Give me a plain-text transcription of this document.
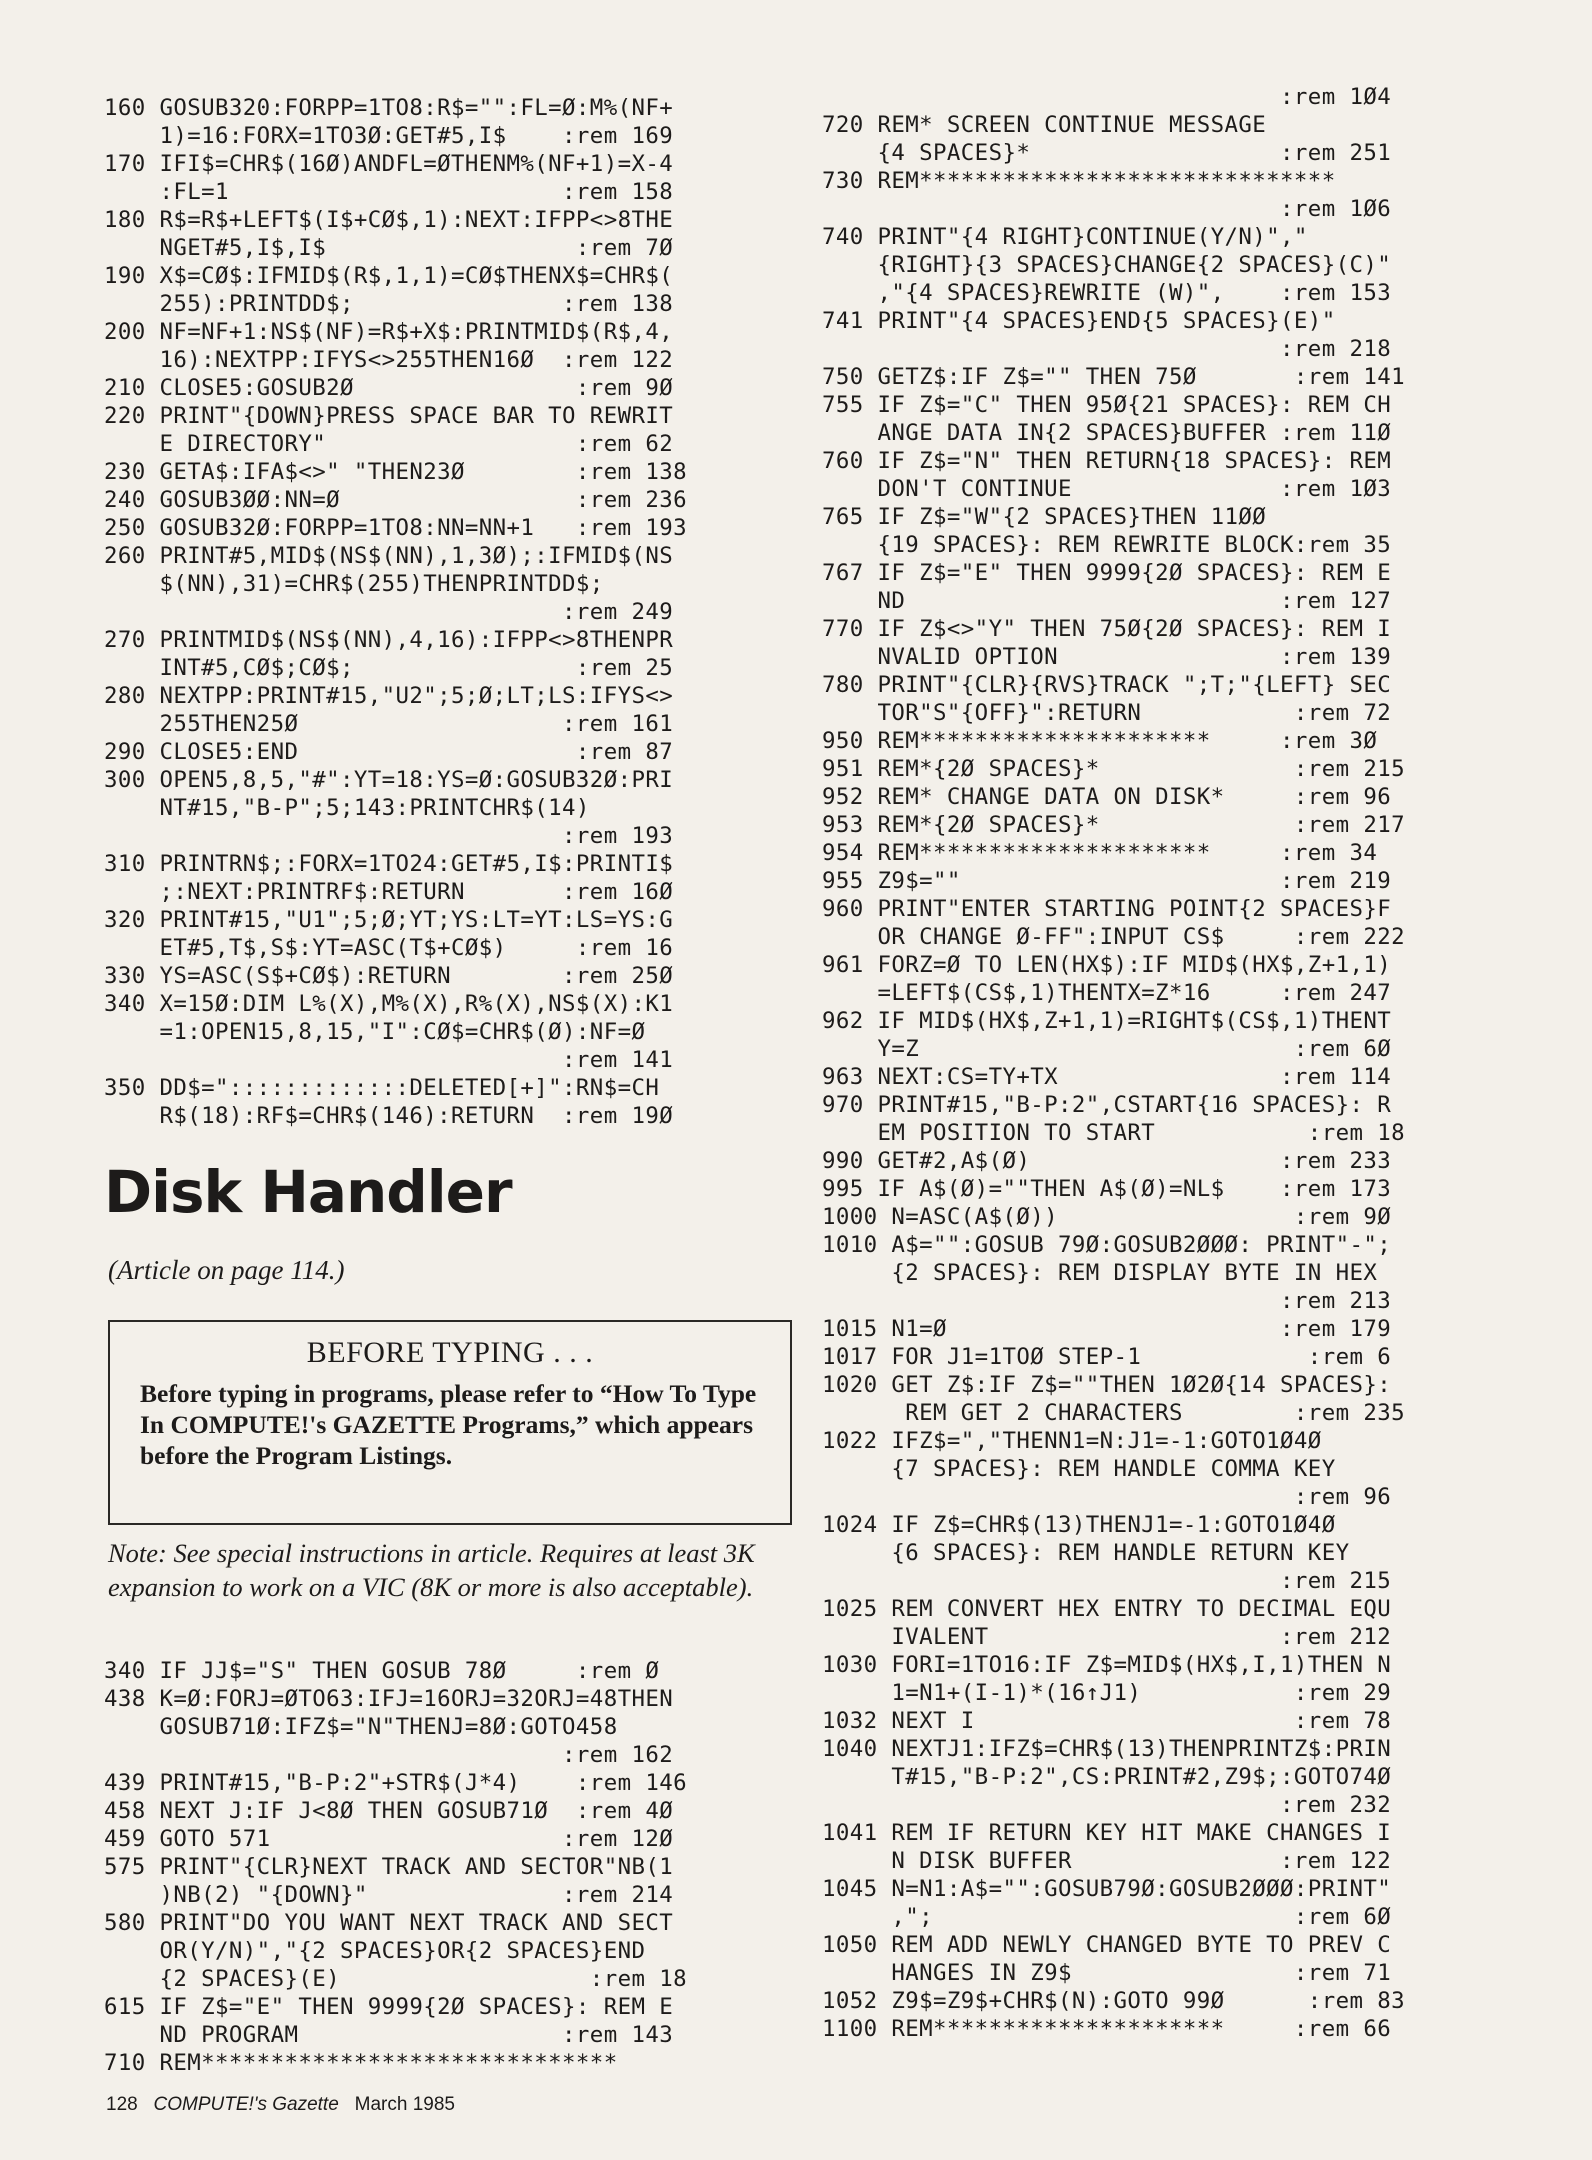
160 GOSUB320:FORPP=1TO8:R$="":FL=Ø:M%(NF+
1)=16:FORX=1TO3Ø:GET#5,I$    :rem 169
170 IFI$=CHR$(16Ø)ANDFL=ØTHENM%(NF+1)=X-4
:FL=1                        :rem 158
180 R$=R$+LEFT$(I$+CØ$,1):NEXT:IFPP<>8THE
NGET#5,I$,I$                  :rem 7Ø
190 X$=CØ$:IFMID$(R$,1,1)=CØ$THENX$=CHR$(
255):PRINTDD$;               :rem 138
200 NF=NF+1:NS$(NF)=R$+X$:PRINTMID$(R$,4,
16):NEXTPP:IFYS<>255THEN16Ø  :rem 122
210 CLOSE5:GOSUB2Ø                :rem 9Ø
220 PRINT"{DOWN}PRESS SPACE BAR TO REWRIT
E DIRECTORY"                  :rem 62
230 GETA$:IFA$<>" "THEN23Ø        :rem 138
240 GOSUB3ØØ:NN=Ø                 :rem 236
250 GOSUB32Ø:FORPP=1TO8:NN=NN+1   :rem 193
260 PRINT#5,MID$(NS$(NN),1,3Ø);:IFMID$(NS
$(NN),31)=CHR$(255)THENPRINTDD$;
:rem 249
270 PRINTMID$(NS$(NN),4,16):IFPP<>8THENPR
INT#5,CØ$;CØ$;                :rem 25
280 NEXTPP:PRINT#15,"U2";5;Ø;LT;LS:IFYS<>
255THEN25Ø                   :rem 161
290 CLOSE5:END                    :rem 87
300 OPEN5,8,5,"#":YT=18:YS=Ø:GOSUB32Ø:PRI
NT#15,"B-P";5;143:PRINTCHR$(14)
:rem 193
310 PRINTRN$;:FORX=1TO24:GET#5,I$:PRINTI$
;:NEXT:PRINTRF$:RETURN       :rem 16Ø
320 PRINT#15,"U1";5;Ø;YT;YS:LT=YT:LS=YS:G
ET#5,T$,S$:YT=ASC(T$+CØ$)     :rem 16
330 YS=ASC(S$+CØ$):RETURN        :rem 25Ø
340 X=15Ø:DIM L%(X),M%(X),R%(X),NS$(X):K1
=1:OPEN15,8,15,"I":CØ$=CHR$(Ø):NF=Ø
:rem 141
350 DD$=":::::::::::::DELETED[+]":RN$=CH
R$(18):RF$=CHR$(146):RETURN  :rem 19Ø
Disk Handler
(Article on page 114.)
BEFORE TYPING . . .
Before typing in programs, please refer to “How To Type In COMPUTE!'s GAZETTE Programs,” which appears before the Program Listings.
Note: See special instructions in article. Requires at least 3K expansion to work on a VIC (8K or more is also acceptable).
340 IF JJ$="S" THEN GOSUB 78Ø     :rem Ø
438 K=Ø:FORJ=ØTO63:IFJ=16ORJ=32ORJ=48THEN
GOSUB71Ø:IFZ$="N"THENJ=8Ø:GOTO458
:rem 162
439 PRINT#15,"B-P:2"+STR$(J*4)    :rem 146
458 NEXT J:IF J<8Ø THEN GOSUB71Ø  :rem 4Ø
459 GOTO 571                     :rem 12Ø
575 PRINT"{CLR}NEXT TRACK AND SECTOR"NB(1
)NB(2) "{DOWN}"              :rem 214
580 PRINT"DO YOU WANT NEXT TRACK AND SECT
OR(Y/N)","{2 SPACES}OR{2 SPACES}END
{2 SPACES}(E)                  :rem 18
615 IF Z$="E" THEN 9999{2Ø SPACES}: REM E
ND PROGRAM                   :rem 143
710 REM******************************
:rem 1Ø4
720 REM* SCREEN CONTINUE MESSAGE
{4 SPACES}*                  :rem 251
730 REM******************************
:rem 1Ø6
740 PRINT"{4 RIGHT}CONTINUE(Y/N)","
{RIGHT}{3 SPACES}CHANGE{2 SPACES}(C)"
,"{4 SPACES}REWRITE (W)",    :rem 153
741 PRINT"{4 SPACES}END{5 SPACES}(E)"
:rem 218
750 GETZ$:IF Z$="" THEN 75Ø       :rem 141
755 IF Z$="C" THEN 95Ø{21 SPACES}: REM CH
ANGE DATA IN{2 SPACES}BUFFER :rem 11Ø
760 IF Z$="N" THEN RETURN{18 SPACES}: REM
DON'T CONTINUE               :rem 1Ø3
765 IF Z$="W"{2 SPACES}THEN 11ØØ
{19 SPACES}: REM REWRITE BLOCK:rem 35
767 IF Z$="E" THEN 9999{2Ø SPACES}: REM E
ND                           :rem 127
770 IF Z$<>"Y" THEN 75Ø{2Ø SPACES}: REM I
NVALID OPTION                :rem 139
780 PRINT"{CLR}{RVS}TRACK ";T;"{LEFT} SEC
TOR"S"{OFF}":RETURN           :rem 72
950 REM*********************     :rem 3Ø
951 REM*{2Ø SPACES}*              :rem 215
952 REM* CHANGE DATA ON DISK*     :rem 96
953 REM*{2Ø SPACES}*              :rem 217
954 REM*********************     :rem 34
955 Z9$=""                       :rem 219
960 PRINT"ENTER STARTING POINT{2 SPACES}F
OR CHANGE Ø-FF":INPUT CS$     :rem 222
961 FORZ=Ø TO LEN(HX$):IF MID$(HX$,Z+1,1)
=LEFT$(CS$,1)THENTX=Z*16     :rem 247
962 IF MID$(HX$,Z+1,1)=RIGHT$(CS$,1)THENT
Y=Z                           :rem 6Ø
963 NEXT:CS=TY+TX                :rem 114
970 PRINT#15,"B-P:2",CSTART{16 SPACES}: R
EM POSITION TO START           :rem 18
990 GET#2,A$(Ø)                  :rem 233
995 IF A$(Ø)=""THEN A$(Ø)=NL$    :rem 173
1000 N=ASC(A$(Ø))                 :rem 9Ø
1010 A$="":GOSUB 79Ø:GOSUB2ØØØ: PRINT"-";
{2 SPACES}: REM DISPLAY BYTE IN HEX
:rem 213
1015 N1=Ø                        :rem 179
1017 FOR J1=1TOØ STEP-1            :rem 6
1020 GET Z$:IF Z$=""THEN 1Ø2Ø{14 SPACES}:
REM GET 2 CHARACTERS        :rem 235
1022 IFZ$=","THENN1=N:J1=-1:GOTO1Ø4Ø
{7 SPACES}: REM HANDLE COMMA KEY
:rem 96
1024 IF Z$=CHR$(13)THENJ1=-1:GOTO1Ø4Ø
{6 SPACES}: REM HANDLE RETURN KEY
:rem 215
1025 REM CONVERT HEX ENTRY TO DECIMAL EQU
IVALENT                     :rem 212
1030 FORI=1TO16:IF Z$=MID$(HX$,I,1)THEN N
1=N1+(I-1)*(16↑J1)           :rem 29
1032 NEXT I                       :rem 78
1040 NEXTJ1:IFZ$=CHR$(13)THENPRINTZ$:PRIN
T#15,"B-P:2",CS:PRINT#2,Z9$;:GOTO74Ø
:rem 232
1041 REM IF RETURN KEY HIT MAKE CHANGES I
N DISK BUFFER               :rem 122
1045 N=N1:A$="":GOSUB79Ø:GOSUB2ØØØ:PRINT"
,";                          :rem 6Ø
1050 REM ADD NEWLY CHANGED BYTE TO PREV C
HANGES IN Z9$                :rem 71
1052 Z9$=Z9$+CHR$(N):GOTO 99Ø      :rem 83
1100 REM*********************     :rem 66
128 COMPUTE!'s Gazette March 1985
